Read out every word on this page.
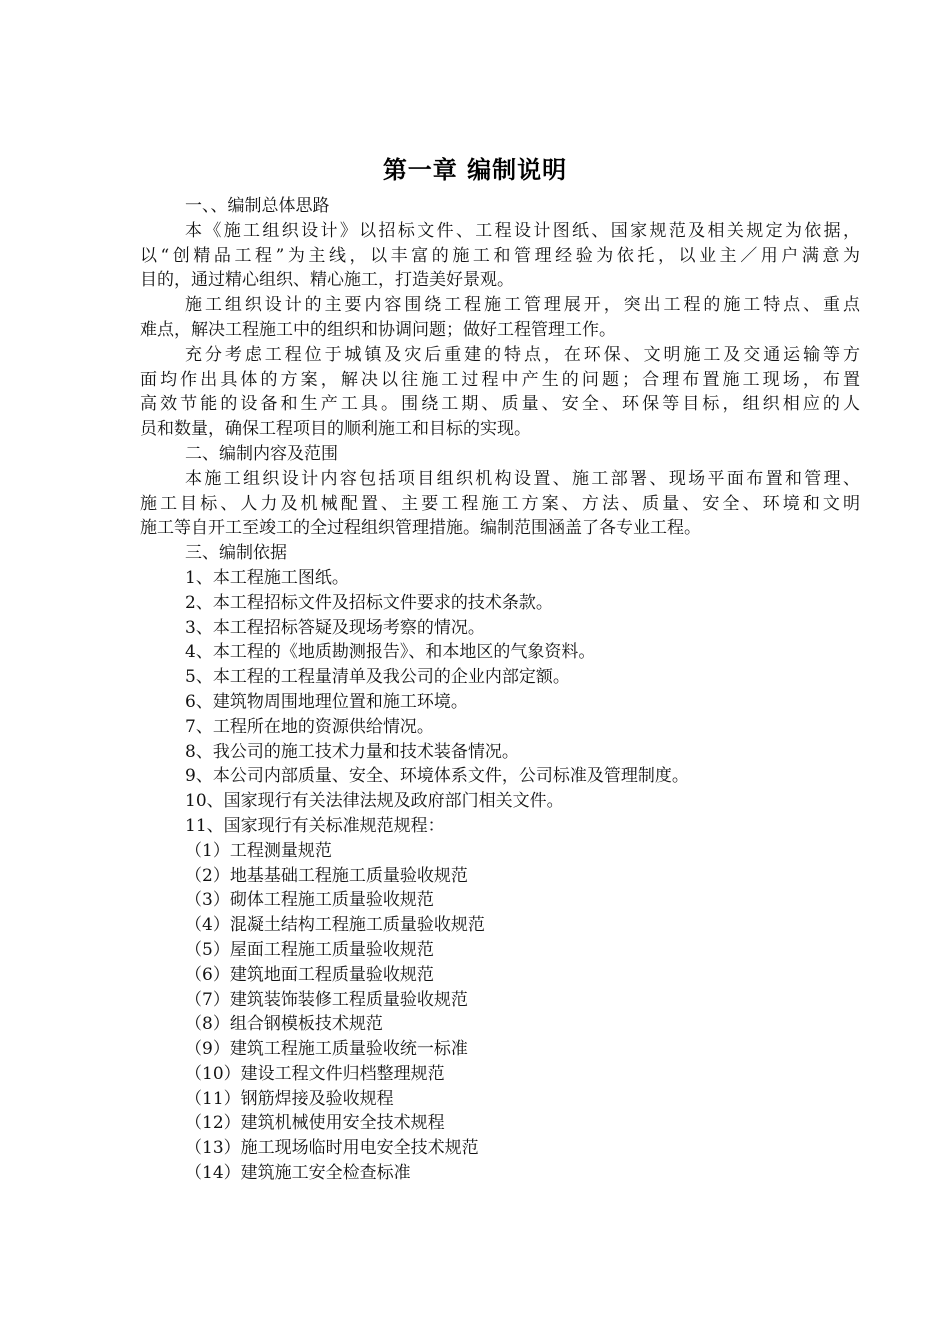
第一章 编制说明
一、、编制总体思路
本《施工组织设计》以招标文件、工程设计图纸、国家规范及相关规定为依据，
以“创精品工程”为主线，以丰富的施工和管理经验为依托，以业主／用户满意为
目的，通过精心组织、精心施工，打造美好景观。
施工组织设计的主要内容围绕工程施工管理展开，突出工程的施工特点、重点
难点，解决工程施工中的组织和协调问题；做好工程管理工作。
充分考虑工程位于城镇及灾后重建的特点，在环保、文明施工及交通运输等方
面均作出具体的方案，解决以往施工过程中产生的问题；合理布置施工现场，布置
高效节能的设备和生产工具。围绕工期、质量、安全、环保等目标，组织相应的人
员和数量，确保工程项目的顺利施工和目标的实现。
二、编制内容及范围
本施工组织设计内容包括项目组织机构设置、施工部署、现场平面布置和管理、
施工目标、人力及机械配置、主要工程施工方案、方法、质量、安全、环境和文明
施工等自开工至竣工的全过程组织管理措施。编制范围涵盖了各专业工程。
三、编制依据
1、本工程施工图纸。
2、本工程招标文件及招标文件要求的技术条款。
3、本工程招标答疑及现场考察的情况。
4、本工程的《地质勘测报告》、和本地区的气象资料。
5、本工程的工程量清单及我公司的企业内部定额。
6、建筑物周围地理位置和施工环境。
7、工程所在地的资源供给情况。
8、我公司的施工技术力量和技术装备情况。
9、本公司内部质量、安全、环境体系文件，公司标准及管理制度。
10、国家现行有关法律法规及政府部门相关文件。
11、国家现行有关标准规范规程：
（1）工程测量规范
（2）地基基础工程施工质量验收规范
（3）砌体工程施工质量验收规范
（4）混凝土结构工程施工质量验收规范
（5）屋面工程施工质量验收规范
（6）建筑地面工程质量验收规范
（7）建筑装饰装修工程质量验收规范
（8）组合钢模板技术规范
（9）建筑工程施工质量验收统一标准
（10）建设工程文件归档整理规范
（11）钢筋焊接及验收规程
（12）建筑机械使用安全技术规程
（13）施工现场临时用电安全技术规范
（14）建筑施工安全检查标准
